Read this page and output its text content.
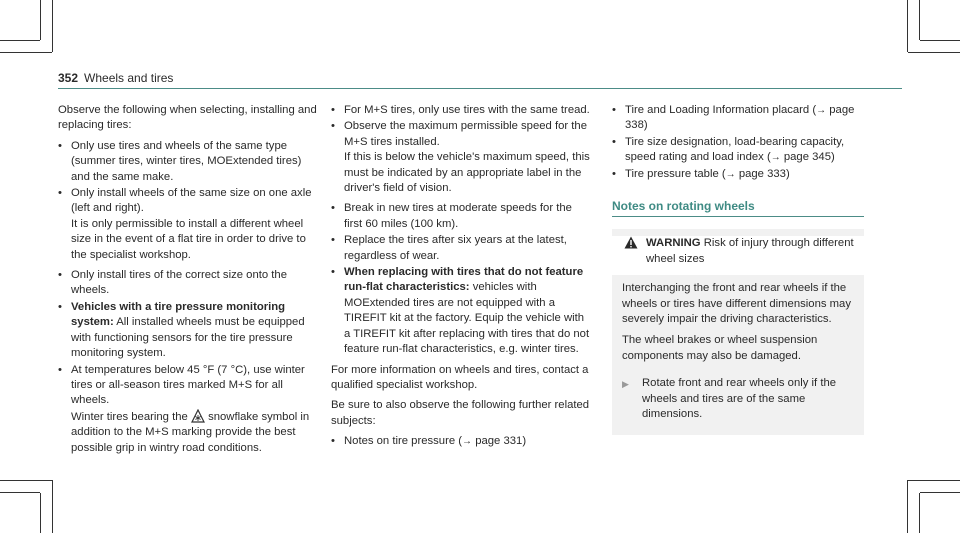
352 Wheels and tires

Observe the following when selecting, installing and replacing tires:

• Only use tires and wheels of the same type (summer tires, winter tires, MOExtended tires) and the same make.
• Only install wheels of the same size on one axle (left and right).

It is only permissible to install a different wheel size in the event of a flat tire in order to drive to the specialist workshop.

• Only install tires of the correct size onto the wheels.
• Vehicles with a tire pressure monitoring system: All installed wheels must be equipped with functioning sensors for the tire pressure monitoring system.
• At temperatures below 45 °F (7 °C), use winter tires or all-season tires marked M+S for all wheels.

Winter tires bearing the  snowflake symbol in addition to the M+S marking provide the best possible grip in wintry road conditions.

• For M+S tires, only use tires with the same tread.
• Observe the maximum permissible speed for the M+S tires installed.

If this is below the vehicle's maximum speed, this must be indicated by an appropriate label in the driver's field of vision.

• Break in new tires at moderate speeds for the first 60 miles (100 km).
• Replace the tires after six years at the latest, regardless of wear.
• When replacing with tires that do not feature run-flat characteristics: vehicles with MOExtended tires are not equipped with a TIREFIT kit at the factory. Equip the vehicle with a TIREFIT kit after replacing with tires that do not feature run-flat characteristics, e.g. winter tires.

For more information on wheels and tires, contact a qualified specialist workshop.

Be sure to also observe the following further related subjects:

• Notes on tire pressure (→ page 331)
• Tire and Loading Information placard (→ page 338)
• Tire size designation, load-bearing capacity, speed rating and load index (→ page 345)
• Tire pressure table (→ page 333)
Notes on rotating wheels
WARNING Risk of injury through different wheel sizes

Interchanging the front and rear wheels if the wheels or tires have different dimensions may severely impair the driving characteristics.

The wheel brakes or wheel suspension components may also be damaged.

▶	Rotate front and rear wheels only if the wheels and tires are of the same dimensions.
